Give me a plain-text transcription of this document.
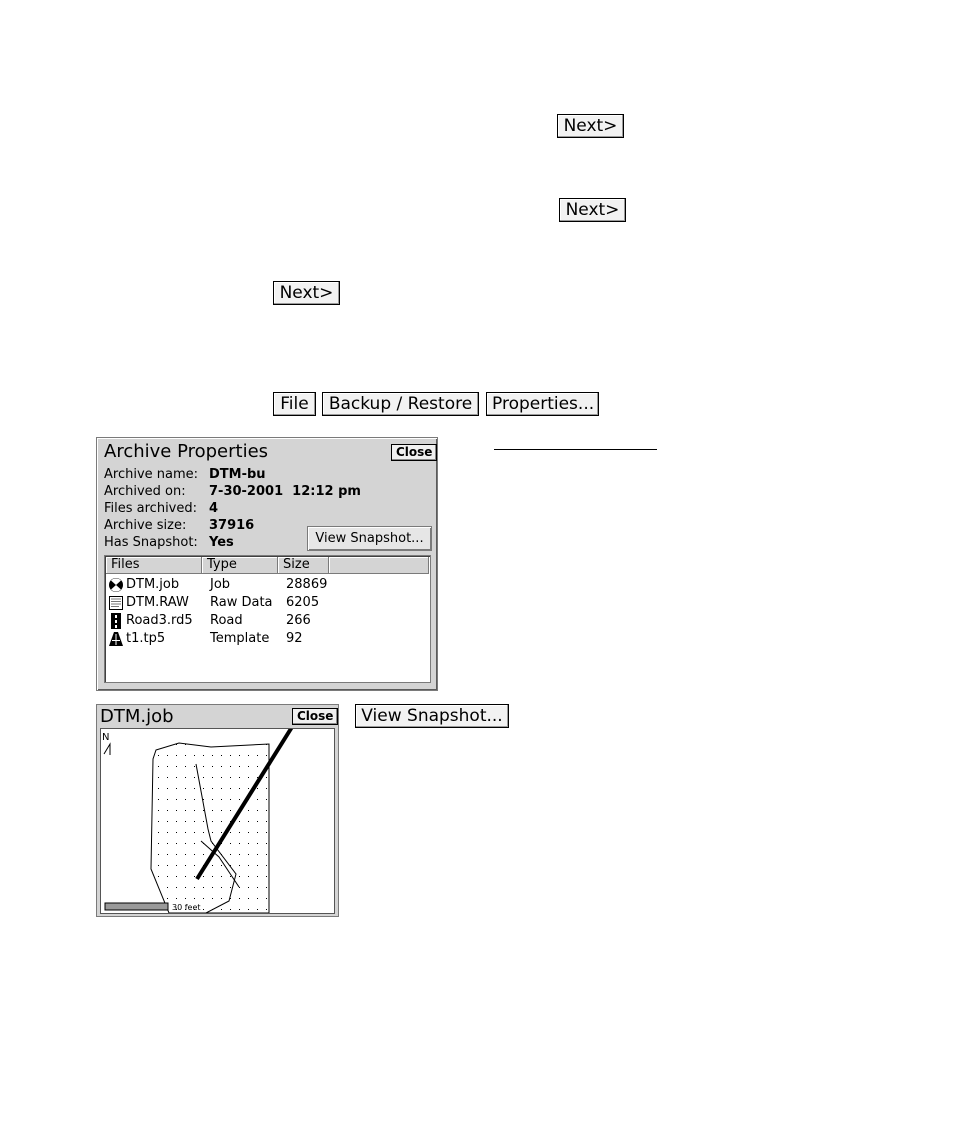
Next>
Next>
Next>
File	Backup / Restore	Properties...
Archive Properties	Close
Archive name: DTM-bu
Archived on: 7-30-2001  12:12 pm
Files archived: 4
Archive size: 37916
Has Snapshot: Yes	View Snapshot...
Files	Type	Size
DTM.job Job	28869
DTM.RAW Raw Data 6205
Road3.rd5 Road	266
t1.tp5	Template 92
DTM.job	Close
N
30 feet
View Snapshot...
